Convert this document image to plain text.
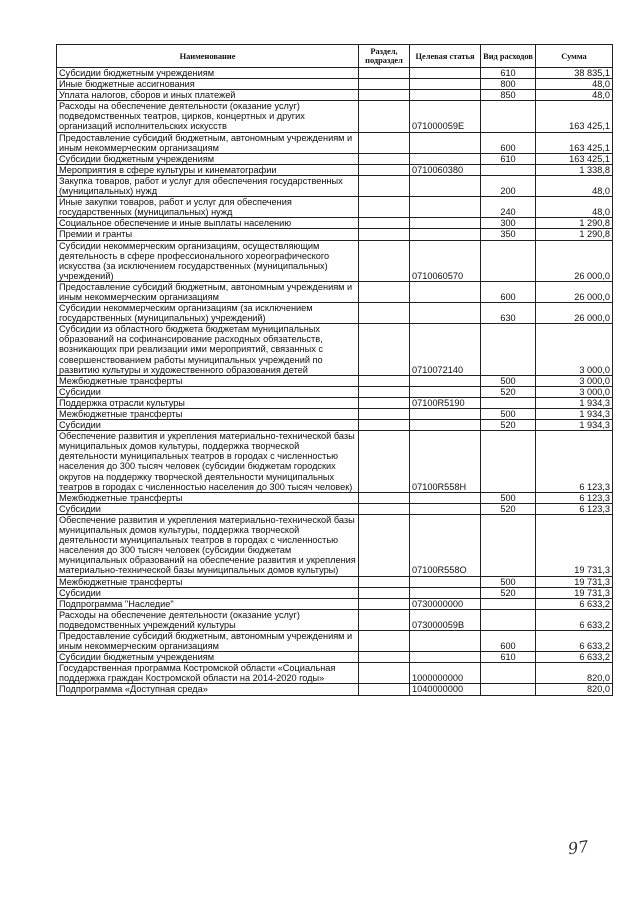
Наименование	Раздел, подраздел	Целевая статья	Вид расходов	Сумма
Субсидии бюджетным учреждениям			610	38 835,1
Иные бюджетные ассигнования			800	48,0
Уплата налогов, сборов и иных платежей			850	48,0
Расходы на обеспечение деятельности (оказание услуг) подведомственных театров, цирков, концертных и других организаций исполнительских искусств		071000059Е		163 425,1
Предоставление субсидий бюджетным, автономным учреждениям и иным некоммерческим организациям			600	163 425,1
Субсидии бюджетным учреждениям			610	163 425,1
Мероприятия в сфере культуры и кинематографии		0710060380		1 338,8
Закупка товаров, работ и услуг для обеспечения государственных (муниципальных) нужд			200	48,0
Иные закупки товаров, работ и услуг для обеспечения государственных (муниципальных) нужд			240	48,0
Социальное обеспечение и иные выплаты населению			300	1 290,8
Премии и гранты			350	1 290,8
Субсидии некоммерческим организациям, осуществляющим деятельность в сфере профессионального хореографического искусства (за исключением государственных (муниципальных) учреждений)		0710060570		26 000,0
Предоставление субсидий бюджетным, автономным учреждениям и иным некоммерческим организациям			600	26 000,0
Субсидии некоммерческим организациям (за исключением государственных (муниципальных) учреждений)			630	26 000,0
Субсидии из областного бюджета бюджетам муниципальных образований на софинансирование расходных обязательств, возникающих при реализации ими мероприятий, связанных с совершенствованием работы муниципальных учреждений по развитию культуры и художественного образования детей		0710072140		3 000,0
Межбюджетные трансферты			500	3 000,0
Субсидии			520	3 000,0
Поддержка отрасли культуры		07100R5190		1 934,3
Межбюджетные трансферты			500	1 934,3
Субсидии			520	1 934,3
Обеспечение развития и укрепления материально-технической базы муниципальных домов культуры, поддержка творческой деятельности муниципальных театров в городах с численностью населения до 300 тысяч человек (субсидии бюджетам городских округов на поддержку творческой деятельности муниципальных театров в городах с численностью населения до 300 тысяч человек)		07100R558Н		6 123,3
Межбюджетные трансферты			500	6 123,3
Субсидии			520	6 123,3
Обеспечение развития и укрепления материально-технической базы муниципальных домов культуры, поддержка творческой деятельности муниципальных театров в городах с численностью населения до 300 тысяч человек (субсидии бюджетам муниципальных образований на обеспечение развития и укрепления материально-технической базы муниципальных домов культуры)		07100R558О		19 731,3
Межбюджетные трансферты			500	19 731,3
Субсидии			520	19 731,3
Подпрограмма "Наследие"		0730000000		6 633,2
Расходы на обеспечение деятельности (оказание услуг) подведомственных учреждений культуры		073000059В		6 633,2
Предоставление субсидий бюджетным, автономным учреждениям и иным некоммерческим организациям			600	6 633,2
Субсидии бюджетным учреждениям			610	6 633,2
Государственная программа Костромской области «Социальная поддержка граждан Костромской области на 2014-2020 годы»		1000000000		820,0
Подпрограмма «Доступная среда»		1040000000		820,0
97
